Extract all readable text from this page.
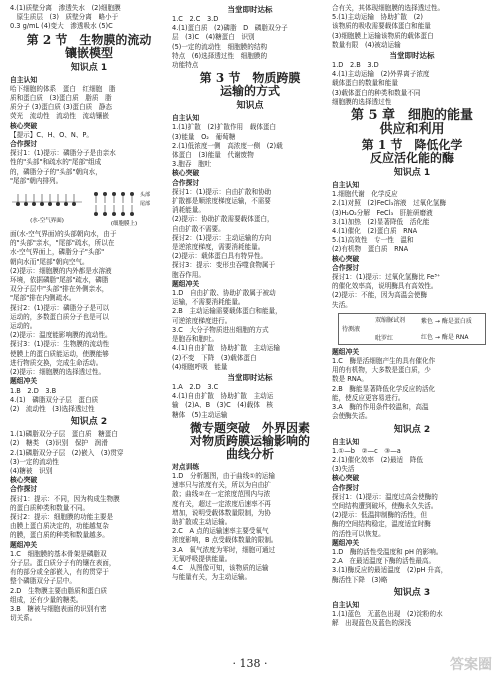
4.(1)质壁分离　渗透失水　(2)细胞膜
　原生质层　(3)　质壁分离　略小于
0.3 g/mL (4)变大　渗透吸水 (5)C
第 2 节　生物膜的流动
镶嵌模型
知识点 1
自主认知
哈下细胞的体系　蛋白　红细胞　脂
质和蛋白质　(3)蛋白质　脂质　脂
质分子 (3)蛋白质 (3)蛋白质　静态
荧光　流动性　流动性　流动镶嵌
核心突破
【提示】C、H、O、N、P。
合作探讨
探讨1：(1)提示：磷脂分子是由亲水
性的"头部"和疏水的"尾部"组成
的，磷脂分子的"头部"朝向水，
"尾部"朝内排列。
(水-空气界面)
头部
尾部
(细胞膜上)
面(水-空气界面)的头部朝向水，由于
的"头部"亲水，"尾部"疏水，所以在
水-空气界面上，磷脂分子"头部"
朝向水而"尾部"朝向空气。
(2)提示：细胞膜的内外都是水溶液
环境，依据磷脂"尾部"疏水，磷脂
双分子层中"头部"排在外侧亲水，
"尾部"排在内侧疏水。
探讨2：(1)提示：磷脂分子是可以
运动的，多数蛋白质分子也是可以
运动的。
(2)提示：温度能影响膜的流动性。
探讨3：(1)提示：生物膜的流动性
使膜上的蛋白质能运动，使膜能够
进行物质交换，完成生命活动。
(2)提示：细胞膜的选择透过性。
题组冲关
1.B　2.D　3.B
4.(1)　磷脂双分子层　蛋白质
(2)　流动性　(3)选择透过性
知识点 2
1.(1)磷脂双分子层　蛋白质　糖蛋白
(2)　糖类　(3)识别　保护　润滑
2.(1)磷脂双分子层　(2)嵌入　(3)贯穿
(3)一定的流动性
(4)糖被　识别
核心突破
合作探讨
探讨1：提示：不同，因为构成生物膜
的蛋白质种类和数量不同。
探讨2：提示：细胞膜的功能主要是
由膜上蛋白质决定的，功能越复杂
的膜，蛋白质的种类和数量越多。
题组冲关
1.C　细胞膜的基本骨架是磷脂双
分子层。蛋白质分子有的镶在表面，
有的部分或全部嵌入，有的贯穿于
整个磷脂双分子层中。
2.D　生物膜主要由脂质和蛋白质
组成，还有少量的糖类。
3.B　糖被与细胞表面的识别有密
切关系。
当堂即时达标
1.C　2.C　3.D
4.(1)蛋白质　(2)磷脂　D　磷脂双分子
层　(3)C　(4)糖蛋白　识别
(5)一定的流动性　细胞膜的结构
特点　(6)选择透过性　细胞膜的
功能特点
第 3 节　物质跨膜
运输的方式
知识点
自主认知
1.(1)扩散　(2)扩散作用　载体蛋白
(3)能量　O₂　葡萄糖
2.(1)低浓度一侧　高浓度一侧　(2)载
体蛋白　(3)能量　代谢废物
3.胞吞　胞吐
核心突破
合作探讨
探讨1：(1)提示：自由扩散和协助
扩散都是顺浓度梯度运输，不需要
消耗能量。
(2)提示：协助扩散需要载体蛋白，
自由扩散不需要。
探讨2：(1)提示：主动运输的方向
是逆浓度梯度，需要消耗能量。
(2)提示：载体蛋白具有特异性。
探讨3：提示：变形虫吞噬食物属于
胞吞作用。
题组冲关
1.D　自由扩散、协助扩散属于被动
运输，不需要消耗能量。
2.B　主动运输需要载体蛋白和能量，
可逆浓度梯度进行。
3.C　大分子物质进出细胞的方式
是胞吞和胞吐。
4.(1)自由扩散　协助扩散　主动运输
(2)不变　下降　(3)载体蛋白
(4)细胞呼吸　能量
当堂即时达标
1.A　2.D　3.C
4.(1)自由扩散　协助扩散　主动运
输　(2)A、B　(3)C　(4)载体　核
糖体　(5)主动运输
微专题突破　外界因素
对物质跨膜运输影响的
曲线分析
对点训练
1.D　分析题图，由于曲线①的运输
速率只与浓度有关，所以为自由扩
散；曲线②在一定浓度范围内与浓
度有关，超过一定浓度后速率不再
增加，说明受载体数量限制，为协
助扩散或主动运输。
2.C　A 点的运输速率主要受氧气
浓度影响，B 点受载体数量的限制。
3.A　氧气浓度为零时，细胞可通过
无氧呼吸提供能量。
4.C　从图像可知，该物质的运输
与能量有关，为主动运输。
合有关，其体现细胞膜的选择透过性。
5.(1)主动运输　协助扩散　(2)
该物质的吸收需要载体蛋白和能量
(3)细胞膜上运输该物质的载体蛋白
数量有限　(4)被动运输
当堂即时达标
1.D　2.B　3.D
4.(1)主动运输　(2)外界离子浓度
载体蛋白的数量和能量
(3)载体蛋白的种类和数量不同
细胞膜的选择透过性
第 5 章　细胞的能量
供应和利用
第 1 节　降低化学
反应活化能的酶
知识点 1
自主认知
1.细胞代谢　化学反应
2.(1)对照　(2)FeCl₃溶液　过氧化氢酶
(3)H₂O₂分解　FeCl₃　肝脏研磨液
3.(1)加热　(2)显著降低　活化能
4.(1)催化　(2)蛋白质　RNA
5.(1)高效性　专一性　温和
(2)有机物　蛋白质　RNA
核心突破
合作探讨
探讨1：(1)提示：过氧化氢酶比 Fe³⁺
的催化效率高，说明酶具有高效性。
(2)提示：不能，因为高温会使酶
失活。
待测液
双缩脲试剂
吡罗红
紫色 → 酶是蛋白质
红色 → 酶是 RNA
题组冲关
1.C　酶是活细胞产生的具有催化作
用的有机物，大多数是蛋白质，少
数是 RNA。
2.B　酶能显著降低化学反应的活化
能，使反应更容易进行。
3.A　酶的作用条件较温和，高温
会使酶失活。
知识点 2
自主认知
1.①—b　②—c　③—a
2.(1)催化效率　(2)最适　降低
(3)失活
核心突破
合作探讨
探讨1：(1)提示：温度过高会使酶的
空间结构遭到破坏，使酶永久失活。
(2)提示：低温抑制酶的活性，但
酶的空间结构稳定，温度适宜时酶
的活性可以恢复。
题组冲关
1.D　酶的活性受温度和 pH 的影响。
2.A　在最适温度下酶的活性最高。
3.(1)酶反应的最适温度　(2)pH 升高，
酶活性下降　(3)略
知识点 3
自主认知
1.(1)蓝色　无蓝色出现　(2)淀粉的水
解　出现蓝色及蓝色的深浅
· 138 ·	答案圈
